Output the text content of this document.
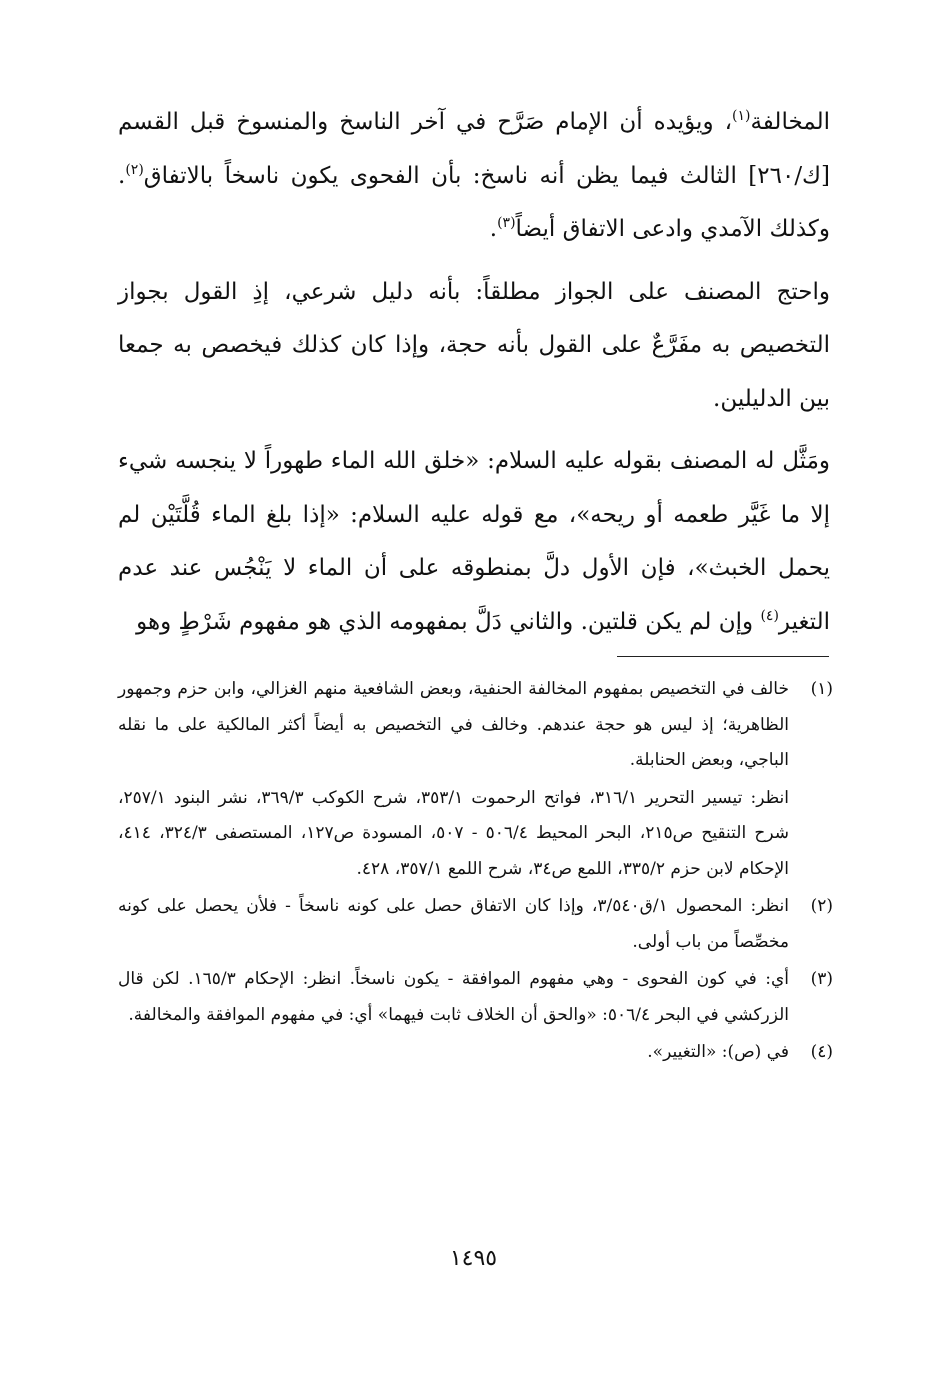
المخالفة$^{(١)}$، ويؤيده أن الإمام صَرَّح في آخر الناسخ والمنسوخ قبل القسم [ك/٢٦٠] الثالث فيما يظن أنه ناسخ: بأن الفحوى يكون ناسخاً بالاتفاق$^{(٢)}$. وكذلك الآمدي وادعى الاتفاق أيضاً$^{(٣)}$.

واحتج المصنف على الجواز مطلقاً: بأنه دليل شرعي، إذِ القول بجواز التخصيص به مفَرَّعٌ على القول بأنه حجة، وإذا كان كذلك فيخصص به جمعا بين الدليلين.

ومَثَّل له المصنف بقوله عليه السلام: «خلق الله الماء طهوراً لا ينجسه شيء إلا ما غَيَّر طعمه أو ريحه»، مع قوله عليه السلام: «إذا بلغ الماء قُلَّتَيْن لم يحمل الخبث»، فإن الأول دلَّ بمنطوقه على أن الماء لا يَنْجُس عند عدم التغير$^{(٤)}$ وإن لم يكن قلتين. والثاني دَلَّ بمفهومه الذي هو مفهوم شَرْطٍ وهو

(١)

خالف في التخصيص بمفهوم المخالفة الحنفية، وبعض الشافعية منهم الغزالي، وابن حزم وجمهور الظاهرية؛ إذ ليس هو حجة عندهم. وخالف في التخصيص به أيضاً أكثر المالكية على ما نقله الباجي، وبعض الحنابلة.

انظر: تيسير التحرير ٣١٦/١، فواتح الرحموت ٣٥٣/١، شرح الكوكب ٣٦٩/٣، نشر البنود ٢٥٧/١، شرح التنقيح ص٢١٥، البحر المحيط ٥٠٦/٤ - ٥٠٧، المسودة ص١٢٧، المستصفى ٣٢٤/٣، ٤١٤، الإحكام لابن حزم ٣٣٥/٢، اللمع ص٣٤، شرح اللمع ٣٥٧/١، ٤٢٨.

(٢)

انظر: المحصول ١/ق٣/٥٤٠، وإذا كان الاتفاق حصل على كونه ناسخاً - فلأن يحصل على كونه مخصِّصاً من باب أولى.

(٣)

أي: في كون الفحوى - وهي مفهوم الموافقة - يكون ناسخاً. انظر: الإحكام ١٦٥/٣. لكن قال الزركشي في البحر ٥٠٦/٤: «والحق أن الخلاف ثابت فيهما» أي: في مفهوم الموافقة والمخالفة.

(٤)

في (ص): «التغيير».

١٤٩٥
